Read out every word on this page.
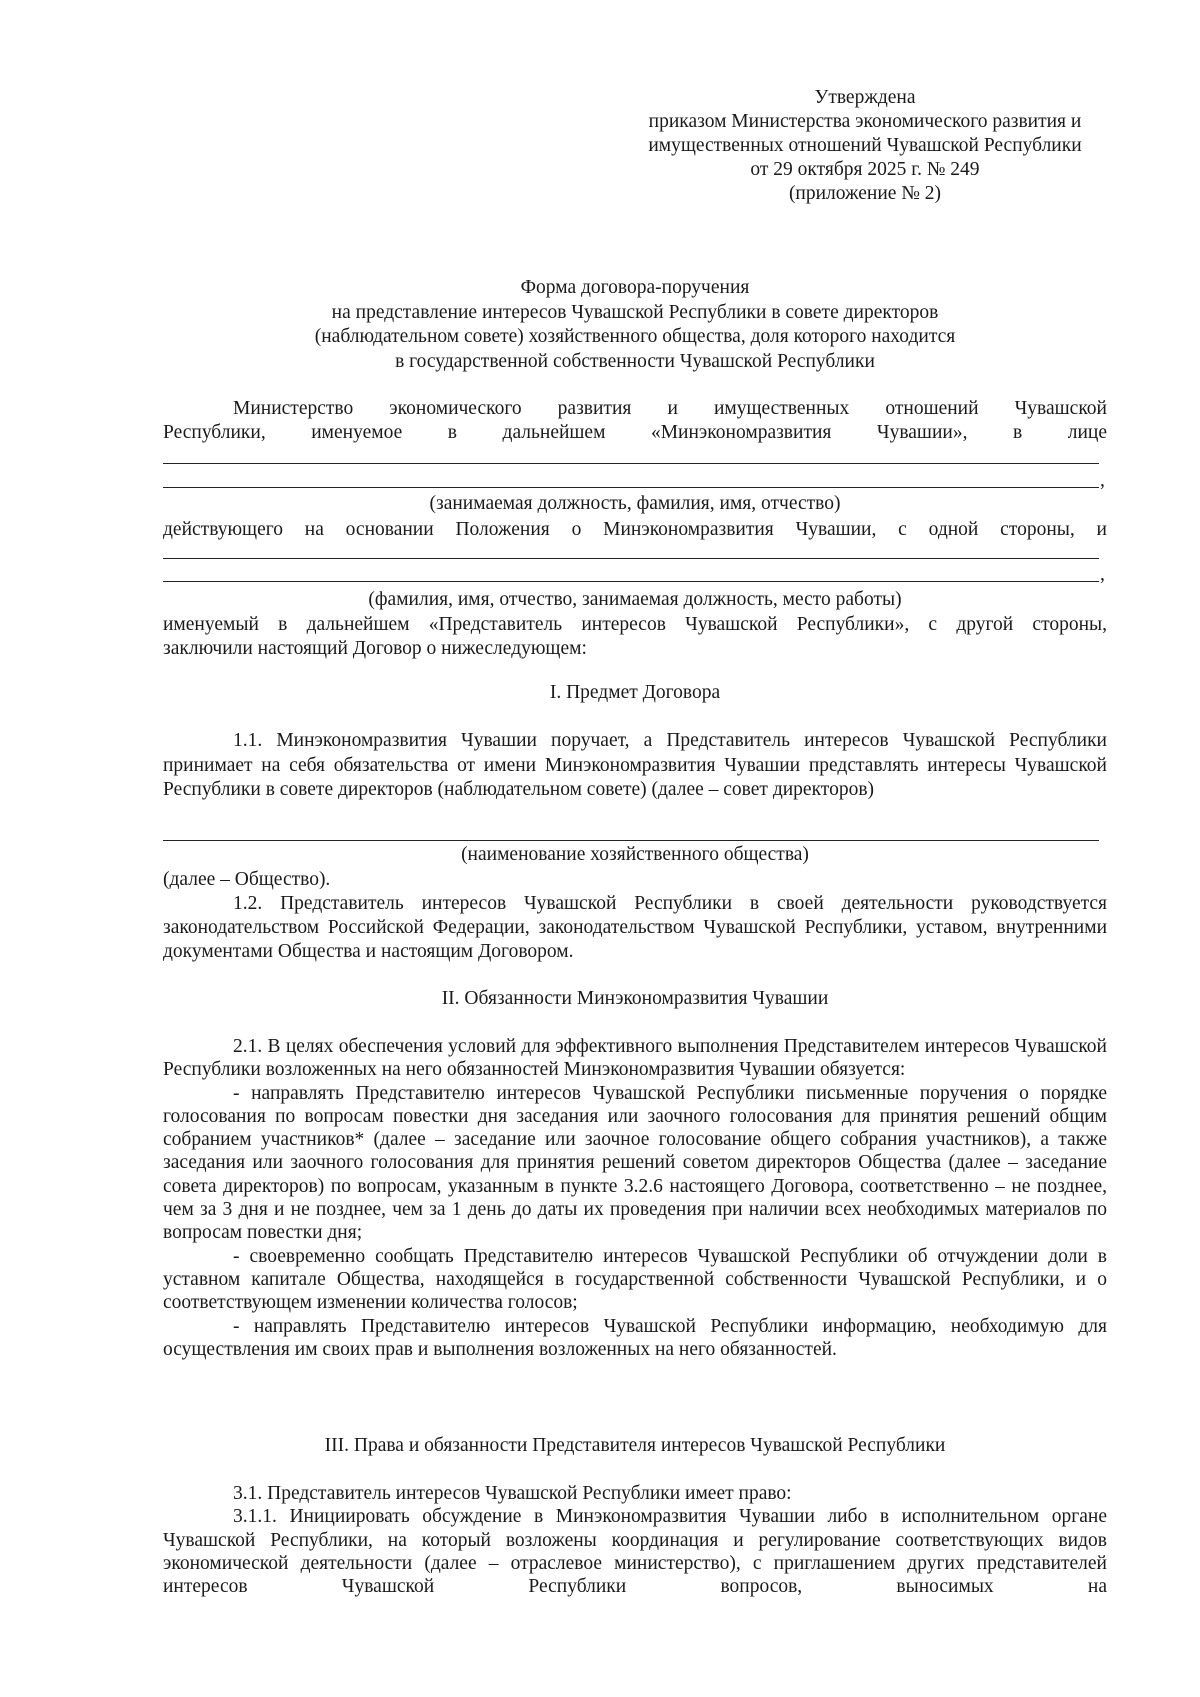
Утверждена
приказом Министерства экономического развития и
имущественных отношений Чувашской Республики
от 29 октября 2025 г. № 249
(приложение № 2)
Форма договора-поручения
на представление интересов Чувашской Республики в совете директоров
(наблюдательном совете) хозяйственного общества, доля которого находится
в государственной собственности Чувашской Республики

Министерство экономического развития и имущественных отношений Чувашской

Республики, именуемое в дальнейшем «Минэкономразвития Чувашии», в лице

,
(занимаемая должность, фамилия, имя, отчество)

действующего на основании Положения о Минэкономразвития Чувашии, с одной стороны, и

,
(фамилия, имя, отчество, занимаемая должность, место работы)

именуемый в дальнейшем «Представитель интересов Чувашской Республики», с другой стороны,

заключили настоящий Договор о нижеследующем:

I. Предмет Договора

1.1. Минэкономразвития Чувашии поручает, а Представитель интересов Чувашской Республики принимает на себя обязательства от имени Минэкономразвития Чувашии представлять интересы Чувашской Республики в совете директоров (наблюдательном совете) (далее – совет директоров)

(наименование хозяйственного общества)

(далее – Общество).

1.2. Представитель интересов Чувашской Республики в своей деятельности руководствуется законодательством Российской Федерации, законодательством Чувашской Республики, уставом, внутренними документами Общества и настоящим Договором.

II. Обязанности Минэкономразвития Чувашии

2.1. В целях обеспечения условий для эффективного выполнения Представителем интересов Чувашской Республики возложенных на него обязанностей Минэкономразвития Чувашии обязуется:

- направлять Представителю интересов Чувашской Республики письменные поручения о порядке голосования по вопросам повестки дня заседания или заочного голосования для принятия решений общим собранием участников* (далее – заседание или заочное голосование общего собрания участников), а также заседания или заочного голосования для принятия решений советом директоров Общества (далее – заседание совета директоров) по вопросам, указанным в пункте 3.2.6 настоящего Договора, соответственно – не позднее, чем за 3 дня и не позднее, чем за 1 день до даты их проведения при наличии всех необходимых материалов по вопросам повестки дня;

- своевременно сообщать Представителю интересов Чувашской Республики об отчуждении доли в уставном капитале Общества, находящейся в государственной собственности Чувашской Республики, и о соответствующем изменении количества голосов;

- направлять Представителю интересов Чувашской Республики информацию, необходимую для осуществления им своих прав и выполнения возложенных на него обязанностей.

III. Права и обязанности Представителя интересов Чувашской Республики

3.1. Представитель интересов Чувашской Республики имеет право:

3.1.1. Инициировать обсуждение в Минэкономразвития Чувашии либо в исполнительном органе Чувашской Республики, на который возложены координация и регулирование соответствующих видов экономической деятельности (далее – отраслевое министерство), с приглашением других представителей интересов Чувашской Республики вопросов, выносимых на
